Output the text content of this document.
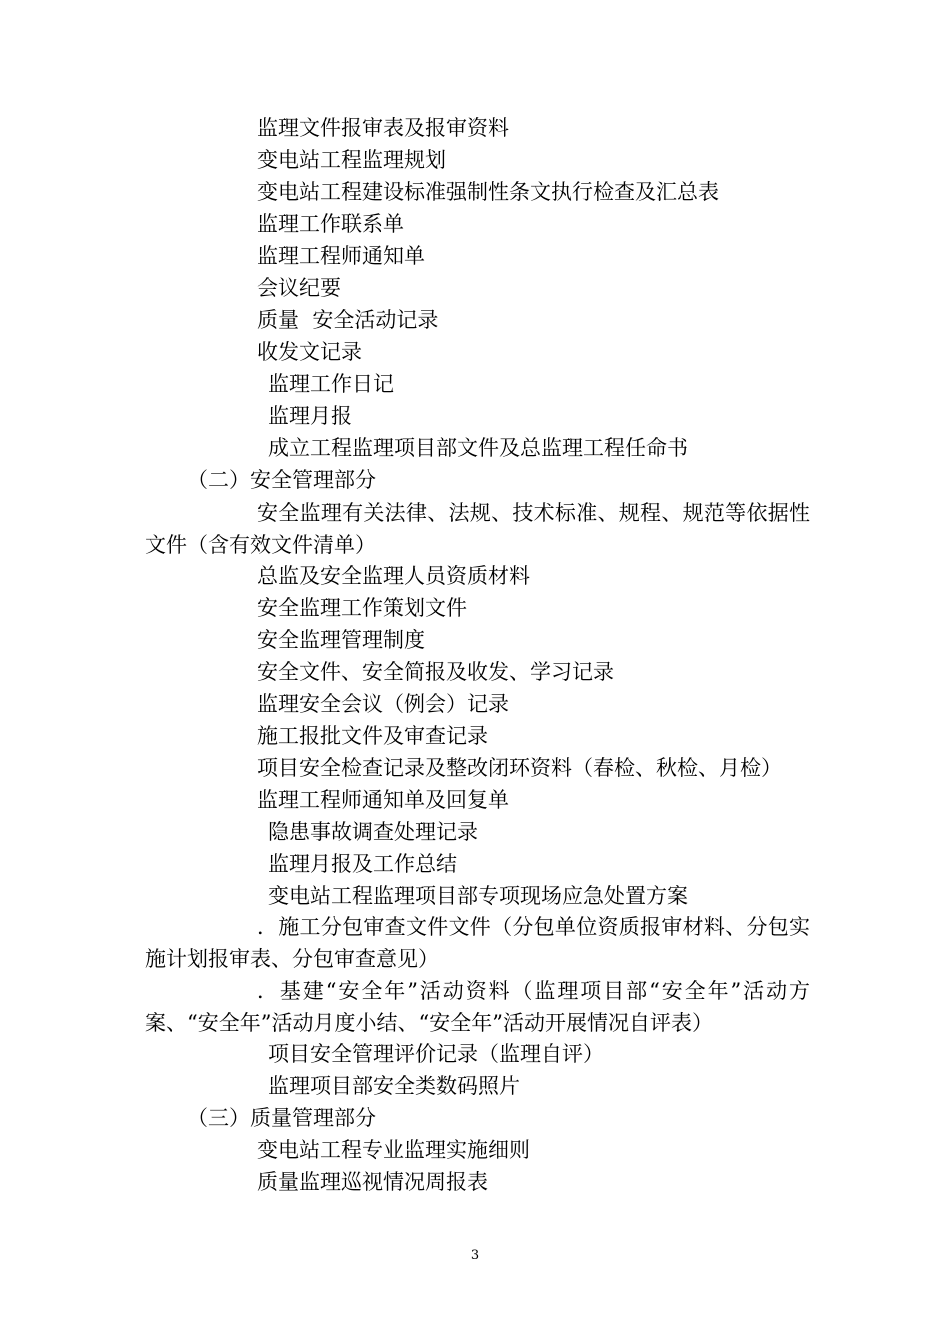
监理文件报审表及报审资料
变电站工程监理规划
变电站工程建设标准强制性条文执行检查及汇总表
监理工作联系单
监理工程师通知单
会议纪要
质量  安全活动记录
收发文记录
监理工作日记
监理月报
成立工程监理项目部文件及总监理工程任命书
（二）安全管理部分
安全监理有关法律、法规、技术标准、规程、规范等依据性文件（含有效文件清单）
总监及安全监理人员资质材料
安全监理工作策划文件
安全监理管理制度
安全文件、安全简报及收发、学习记录
监理安全会议（例会）记录
施工报批文件及审查记录
项目安全检查记录及整改闭环资料（春检、秋检、月检）
监理工程师通知单及回复单
隐患事故调查处理记录
监理月报及工作总结
变电站工程监理项目部专项现场应急处置方案
．施工分包审查文件文件（分包单位资质报审材料、分包实施计划报审表、分包审查意见）
．基建“安全年”活动资料（监理项目部“安全年”活动方案、“安全年”活动月度小结、“安全年”活动开展情况自评表）
项目安全管理评价记录（监理自评）
监理项目部安全类数码照片
（三）质量管理部分
变电站工程专业监理实施细则
质量监理巡视情况周报表
3
